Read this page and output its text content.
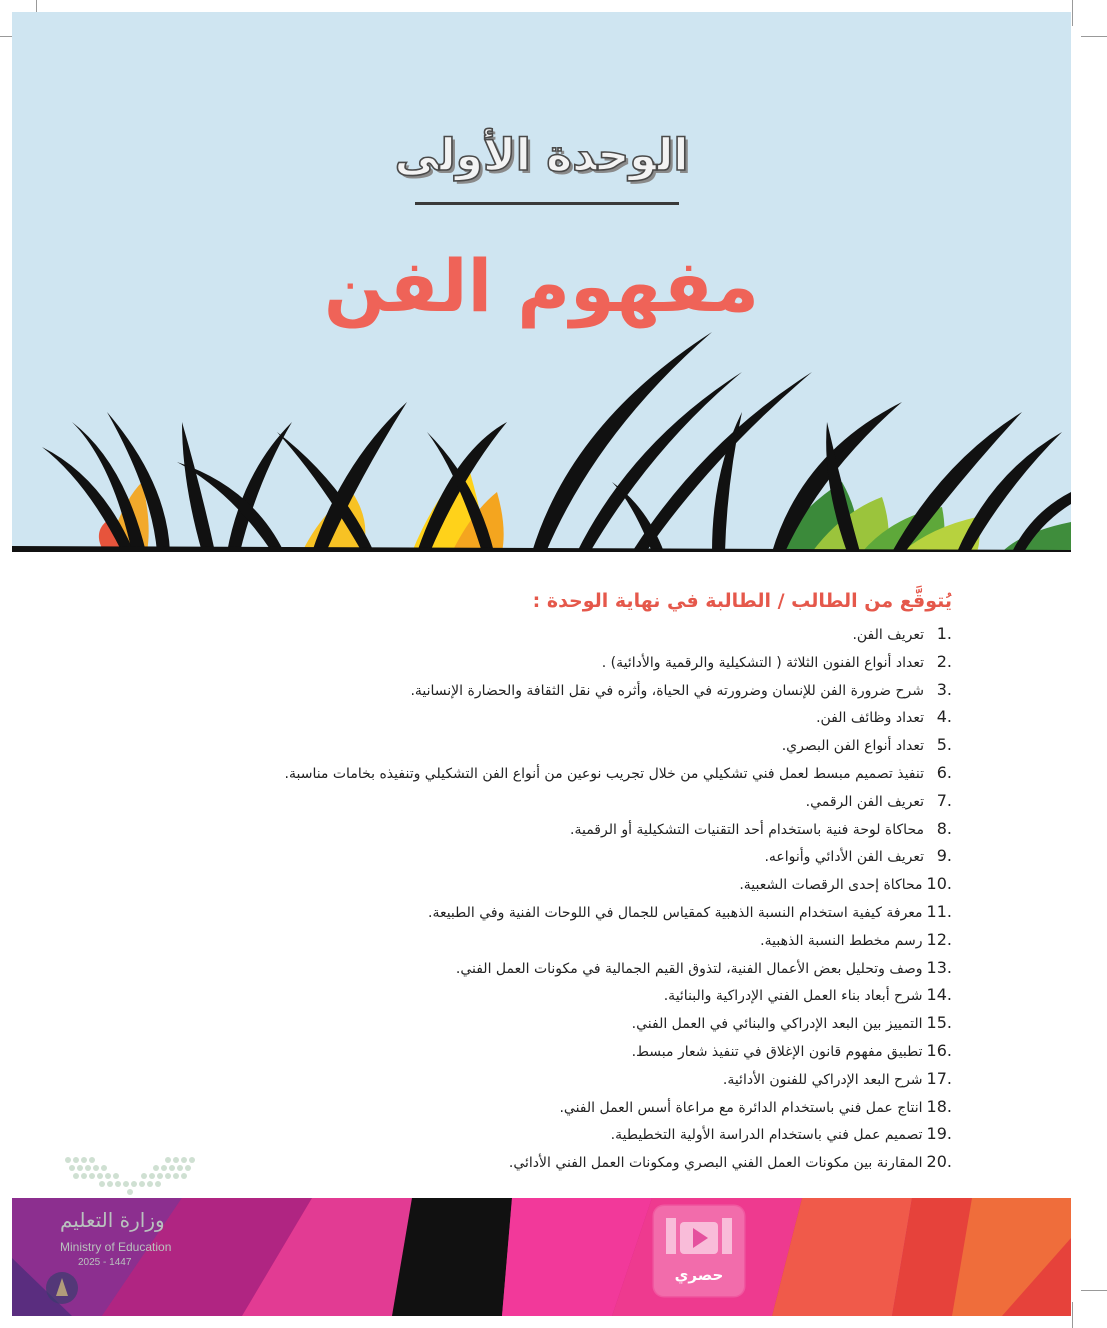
الوحدة الأولى
مفهوم الفن
يُتوقَّع من الطالب / الطالبة في نهاية الوحدة :
1.تعريف الفن.
2.تعداد أنواع الفنون الثلاثة ( التشكيلية والرقمية والأدائية) .
3.شرح ضرورة الفن للإنسان وضرورته في الحياة، وأثره في نقل الثقافة والحضارة الإنسانية.
4.تعداد وظائف الفن.
5.تعداد أنواع الفن البصري.
6.تنفيذ تصميم مبسط لعمل فني تشكيلي من خلال تجريب نوعين من أنواع الفن التشكيلي وتنفيذه بخامات مناسبة.
7.تعريف الفن الرقمي.
8.محاكاة لوحة فنية باستخدام أحد التقنيات التشكيلية أو الرقمية.
9.تعريف الفن الأدائي وأنواعه.
10.محاكاة إحدى الرقصات الشعبية.
11.معرفة كيفية استخدام النسبة الذهبية كمقياس للجمال في اللوحات الفنية وفي الطبيعة.
12.رسم مخطط النسبة الذهبية.
13.وصف وتحليل بعض الأعمال الفنية، لتذوق القيم الجمالية في مكونات العمل الفني.
14.شرح أبعاد بناء العمل الفني الإدراكية والبنائية.
15.التمييز بين البعد الإدراكي والبنائي في العمل الفني.
16.تطبيق مفهوم قانون الإغلاق في تنفيذ شعار مبسط.
17.شرح البعد الإدراكي للفنون الأدائية.
18.انتاج عمل فني باستخدام الدائرة مع مراعاة أسس العمل الفني.
19.تصميم عمل فني باستخدام الدراسة الأولية التخطيطية.
20.المقارنة بين مكونات العمل الفني البصري ومكونات العمل الفني الأدائي.
وزارة التعليم
Ministry of Education
2025 - 1447
حصري
